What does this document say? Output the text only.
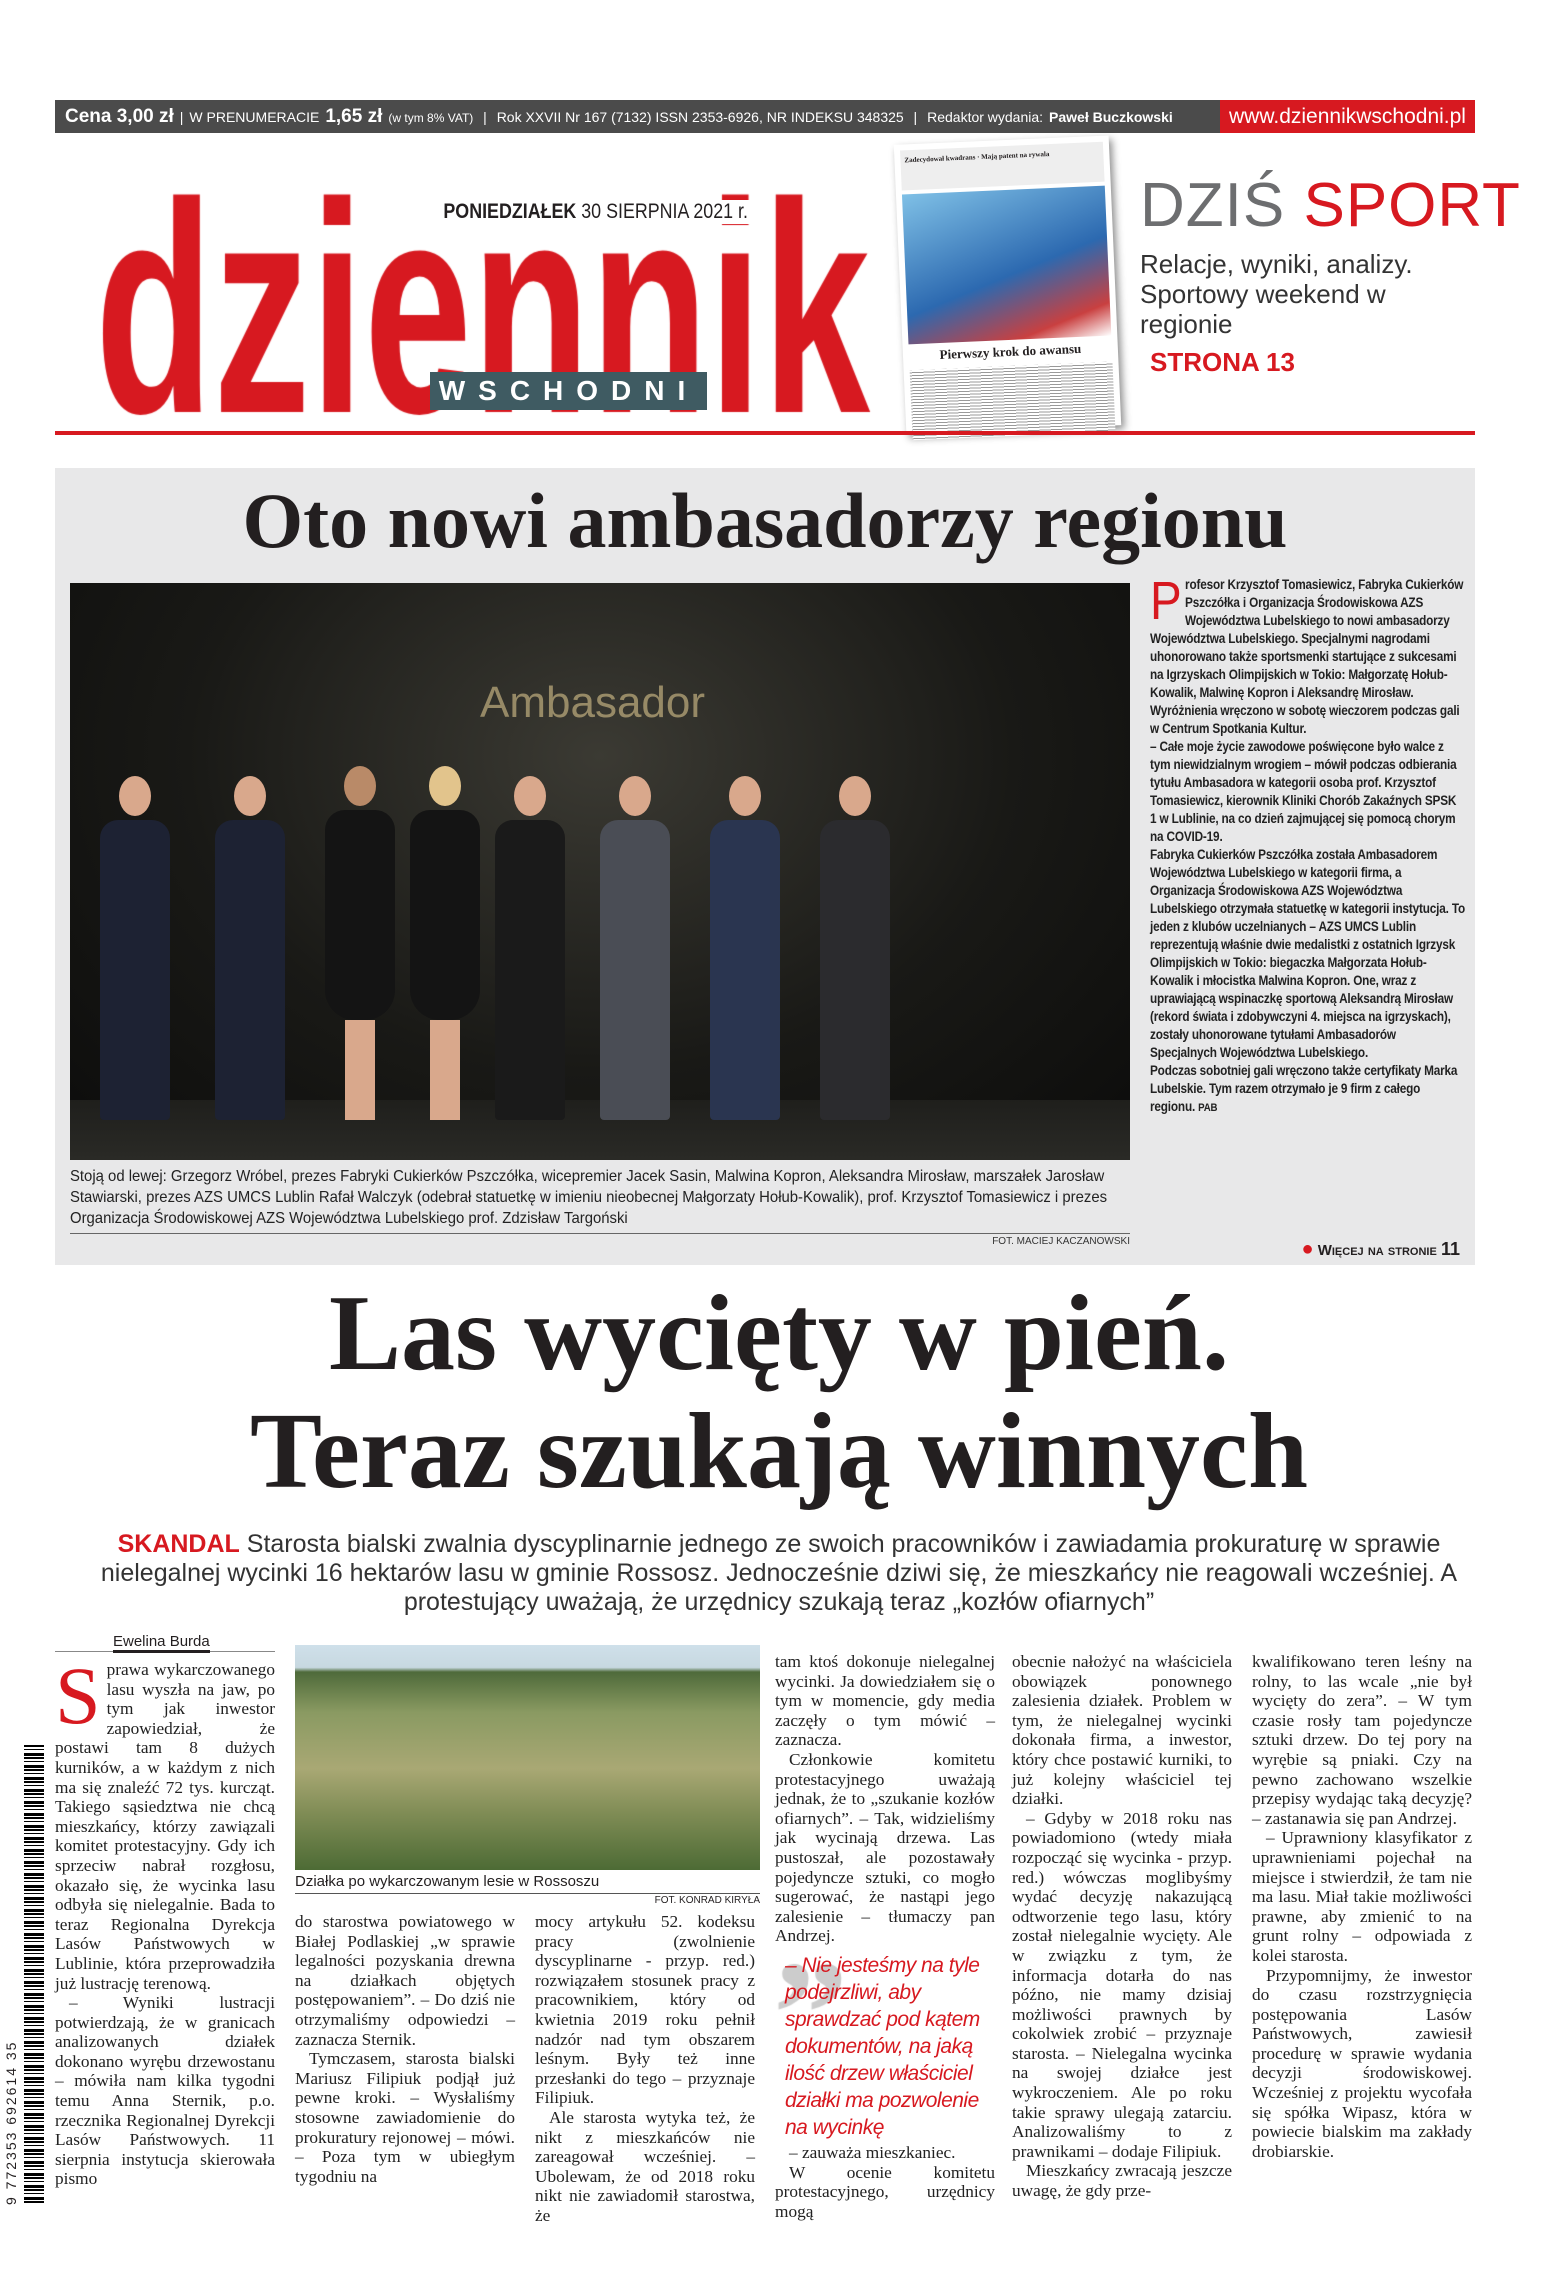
Cena 3,00 zł | W PRENUMERACIE 1,65 zł (w tym 8% VAT) | Rok XXVII Nr 167 (7132) ISSN 2353-6926, NR INDEKSU 348325 | Redaktor wydania: Paweł Buczkowski	www.dziennikwschodni.pl
WSCHODNI
PONIEDZIAŁEK 30 SIERPNIA 2021 r.
Zadecydował kwadrans · Mają patent na rywala
Pierwszy krok do awansu
DZIŚ SPORT
Relacje, wyniki, analizy. Sportowy weekend w regionie
STRONA 13
Oto nowi ambasadorzy regionu
Ambasador
Stoją od lewej: Grzegorz Wróbel, prezes Fabryki Cukierków Pszczółka, wicepremier Jacek Sasin, Malwina Kopron, Aleksandra Mirosław, marszałek Jarosław Stawiarski, prezes AZS UMCS Lublin Rafał Walczyk (odebrał statuetkę w imieniu nieobecnej Małgorzaty Hołub-Kowalik), prof. Krzysztof Tomasiewicz i prezes Organizacja Środowiskowej AZS Województwa Lubelskiego prof. Zdzisław Targoński
FOT. MACIEJ KACZANOWSKI
P rofesor Krzysztof Tomasiewicz, Fabryka Cukierków Pszczółka i Organizacja Środowiskowa AZS Województwa Lubelskiego to nowi ambasadorzy Województwa Lubelskiego. Specjalnymi nagrodami uhonorowano także sportsmenki startujące z sukcesami na Igrzyskach Olimpijskich w Tokio: Małgorzatę Hołub-Kowalik, Malwinę Kopron i Aleksandrę Mirosław.

Wyróżnienia wręczono w sobotę wieczorem podczas gali w Centrum Spotkania Kultur.

– Całe moje życie zawodowe poświęcone było walce z tym niewidzialnym wrogiem – mówił podczas odbierania tytułu Ambasadora w kategorii osoba prof. Krzysztof Tomasiewicz, kierownik Kliniki Chorób Zakaźnych SPSK 1 w Lublinie, na co dzień zajmującej się pomocą chorym na COVID-19.

Fabryka Cukierków Pszczółka została Ambasadorem Województwa Lubelskiego w kategorii firma, a Organizacja Środowiskowa AZS Województwa Lubelskiego otrzymała statuetkę w kategorii instytucja. To jeden z klubów uczelnianych – AZS UMCS Lublin reprezentują właśnie dwie medalistki z ostatnich Igrzysk Olimpijskich w Tokio: biegaczka Małgorzata Hołub-Kowalik i młocistka Malwina Kopron. One, wraz z uprawiającą wspinaczkę sportową Aleksandrą Mirosław (rekord świata i zdobywczyni 4. miejsca na igrzyskach), zostały uhonorowane tytułami Ambasadorów Specjalnych Województwa Lubelskiego.

Podczas sobotniej gali wręczono także certyfikaty Marka Lubelskie. Tym razem otrzymało je 9 firm z całego regionu. PAB

● Więcej na stronie 11
Las wycięty w pień.
Teraz szukają winnych
SKANDAL Starosta bialski zwalnia dyscyplinarnie jednego ze swoich pracowników i zawiadamia prokuraturę w sprawie nielegalnej wycinki 16 hektarów lasu w gminie Rossosz. Jednocześnie dziwi się, że mieszkańcy nie reagowali wcześniej. A protestujący uważają, że urzędnicy szukają teraz „kozłów ofiarnych”
Ewelina Burda
S prawa wykarczowanego lasu wyszła na jaw, po tym jak inwestor zapowiedział, że postawi tam 8 dużych kurników, a w każdym z nich ma się znaleźć 72 tys. kurcząt. Takiego sąsiedztwa nie chcą mieszkańcy, którzy zawiązali komitet protestacyjny. Gdy ich sprzeciw nabrał rozgłosu, okazało się, że wycinka lasu odbyła się nielegalnie. Bada to teraz Regionalna Dyrekcja Lasów Państwowych w Lublinie, która przeprowadziła już lustrację terenową.

– Wyniki lustracji potwierdzają, że w granicach analizowanych działek dokonano wyrębu drzewostanu – mówiła nam kilka tygodni temu Anna Sternik, p.o. rzecznika Regionalnej Dyrekcji Lasów Państwowych. 11 sierpnia instytucja skierowała pismo

Działka po wykarczowanym lesie w Rossoszu
FOT. KONRAD KIRYŁA

do starostwa powiatowego w Białej Podlaskiej „w sprawie legalności pozyskania drewna na działkach objętych postępowaniem”. – Do dziś nie otrzymaliśmy odpowiedzi – zaznacza Sternik.

Tymczasem, starosta bialski Mariusz Filipiuk podjął już pewne kroki. – Wysłaliśmy stosowne zawiadomienie do prokuratury rejonowej – mówi. – Poza tym w ubiegłym tygodniu na

mocy artykułu 52. kodeksu pracy (zwolnienie dyscyplinarne - przyp. red.) rozwiązałem stosunek pracy z pracownikiem, który od kwietnia 2019 roku pełnił nadzór nad tym obszarem leśnym. Były też inne przesłanki do tego – przyznaje Filipiuk.

Ale starosta wytyka też, że nikt z mieszkańców nie zareagował wcześniej. – Ubolewam, że od 2018 roku nikt nie zawiadomił starostwa, że

tam ktoś dokonuje nielegalnej wycinki. Ja dowiedziałem się o tym w momencie, gdy media zaczęły o tym mówić – zaznacza.

Członkowie komitetu protestacyjnego uważają jednak, że to „szukanie kozłów ofiarnych”. – Tak, widzieliśmy jak wycinają drzewa. Las pustoszał, ale pozostawały pojedyncze sztuki, co mogło sugerować, że nastąpi jego zalesienie – tłumaczy pan Andrzej.

– Nie jesteśmy na tyle podejrzliwi, aby sprawdzać pod kątem dokumentów, na jaką ilość drzew właściciel działki ma pozwolenie na wycinkę

– zauważa mieszkaniec.

W ocenie komitetu protestacyjnego, urzędnicy mogą

obecnie nałożyć na właściciela obowiązek ponownego zalesienia działek. Problem w tym, że nielegalnej wycinki dokonała firma, a inwestor, który chce postawić kurniki, to już kolejny właściciel tej działki.

– Gdyby w 2018 roku nas powiadomiono (wtedy miała rozpocząć się wycinka - przyp. red.) wówczas moglibyśmy wydać decyzję nakazującą odtworzenie tego lasu, który został nielegalnie wycięty. Ale w związku z tym, że informacja dotarła do nas późno, nie mamy dzisiaj możliwości prawnych by cokolwiek zrobić – przyznaje starosta. – Nielegalna wycinka na swojej działce jest wykroczeniem. Ale po roku takie sprawy ulegają zatarciu. Analizowaliśmy to z prawnikami – dodaje Filipiuk.

Mieszkańcy zwracają jeszcze uwagę, że gdy prze-

kwalifikowano teren leśny na rolny, to las wcale „nie był wycięty do zera”. – W tym czasie rosły tam pojedyncze sztuki drzew. Do tej pory na wyrębie są pniaki. Czy na pewno zachowano wszelkie przepisy wydając taką decyzję? – zastanawia się pan Andrzej.

– Uprawniony klasyfikator z uprawnieniami pojechał na miejsce i stwierdził, że tam nie ma lasu. Miał takie możliwości prawne, aby zmienić to na grunt rolny – odpowiada z kolei starosta.

Przypomnijmy, że inwestor do czasu rozstrzygnięcia postępowania Lasów Państwowych, zawiesił procedurę w sprawie wydania decyzji środowiskowej. Wcześniej z projektu wycofała się spółka Wipasz, która w powiecie bialskim ma zakłady drobiarskie.

9 772353 692614 35
